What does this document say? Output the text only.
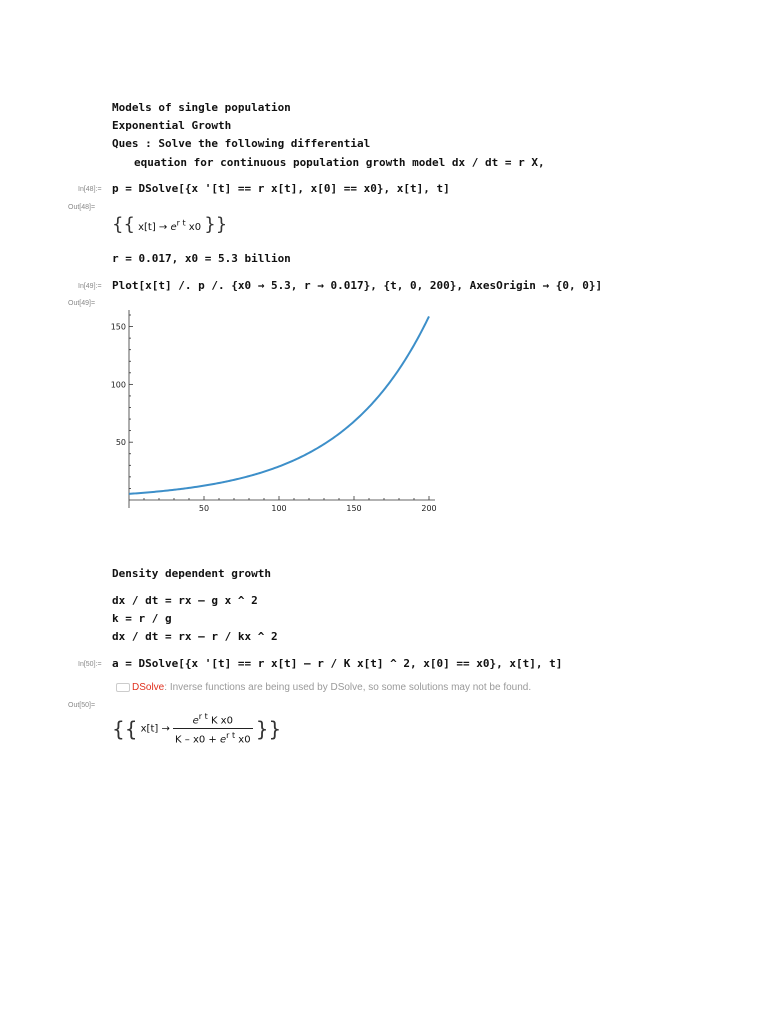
Models of single population
Exponential Growth
Ques : Solve the following differential
equation for continuous population growth model dx / dt = r X,
In[48]:= p = DSolve[{x '[t] == r x[t], x[0] == x0}, x[t], t]
Out[48]=
{{ $x[t] \to e^{r t}$ x0 }}
r = 0.017, x0 = 5.3 billion
In[49]:= Plot[x[t] /. p /. {x0 → 5.3, r → 0.017}, {t, 0, 200}, AxesOrigin → {0, 0}]
Out[49]=
50	100	150	200
50
100
150
Density dependent growth
dx / dt = rx – g x ^ 2
k = r / g
dx / dt = rx – r / kx ^ 2
In[50]:= a = DSolve[{x '[t] == r x[t] – r / K x[t] ^ 2, x[0] == x0}, x[t], t]
DSolve: Inverse functions are being used by DSolve, so some solutions may not be found.
Out[50]=
{{ $x[t] \to \frac{e^{r t} K x0}{K - x0 + e^{r t} x0}$ }}
